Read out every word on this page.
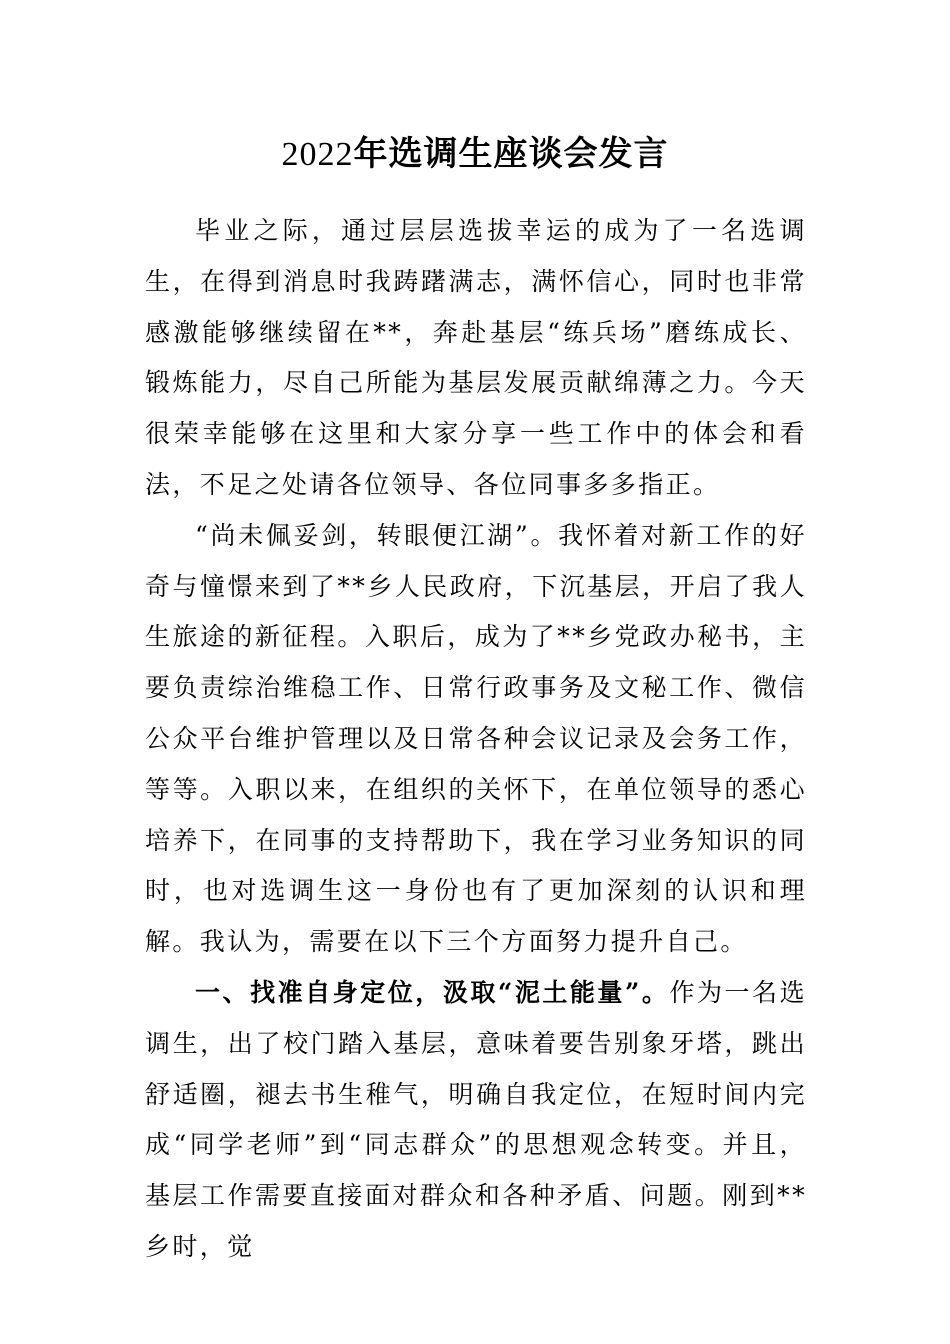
2022年选调生座谈会发言

毕业之际，通过层层选拔幸运的成为了一名选调生，在得到消息时我踌躇满志，满怀信心，同时也非常感激能够继续留在**，奔赴基层“练兵场”磨练成长、锻炼能力，尽自己所能为基层发展贡献绵薄之力。今天很荣幸能够在这里和大家分享一些工作中的体会和看法，不足之处请各位领导、各位同事多多指正。

“尚未佩妥剑，转眼便江湖”。我怀着对新工作的好奇与憧憬来到了**乡人民政府，下沉基层，开启了我人生旅途的新征程。入职后，成为了**乡党政办秘书，主要负责综治维稳工作、日常行政事务及文秘工作、微信公众平台维护管理以及日常各种会议记录及会务工作，等等。入职以来，在组织的关怀下，在单位领导的悉心培养下，在同事的支持帮助下，我在学习业务知识的同时，也对选调生这一身份也有了更加深刻的认识和理解。我认为，需要在以下三个方面努力提升自己。

一、找准自身定位，汲取“泥土能量”。作为一名选调生，出了校门踏入基层，意味着要告别象牙塔，跳出舒适圈，褪去书生稚气，明确自我定位，在短时间内完成“同学老师”到“同志群众”的思想观念转变。并且，基层工作需要直接面对群众和各种矛盾、问题。刚到**乡时，觉
